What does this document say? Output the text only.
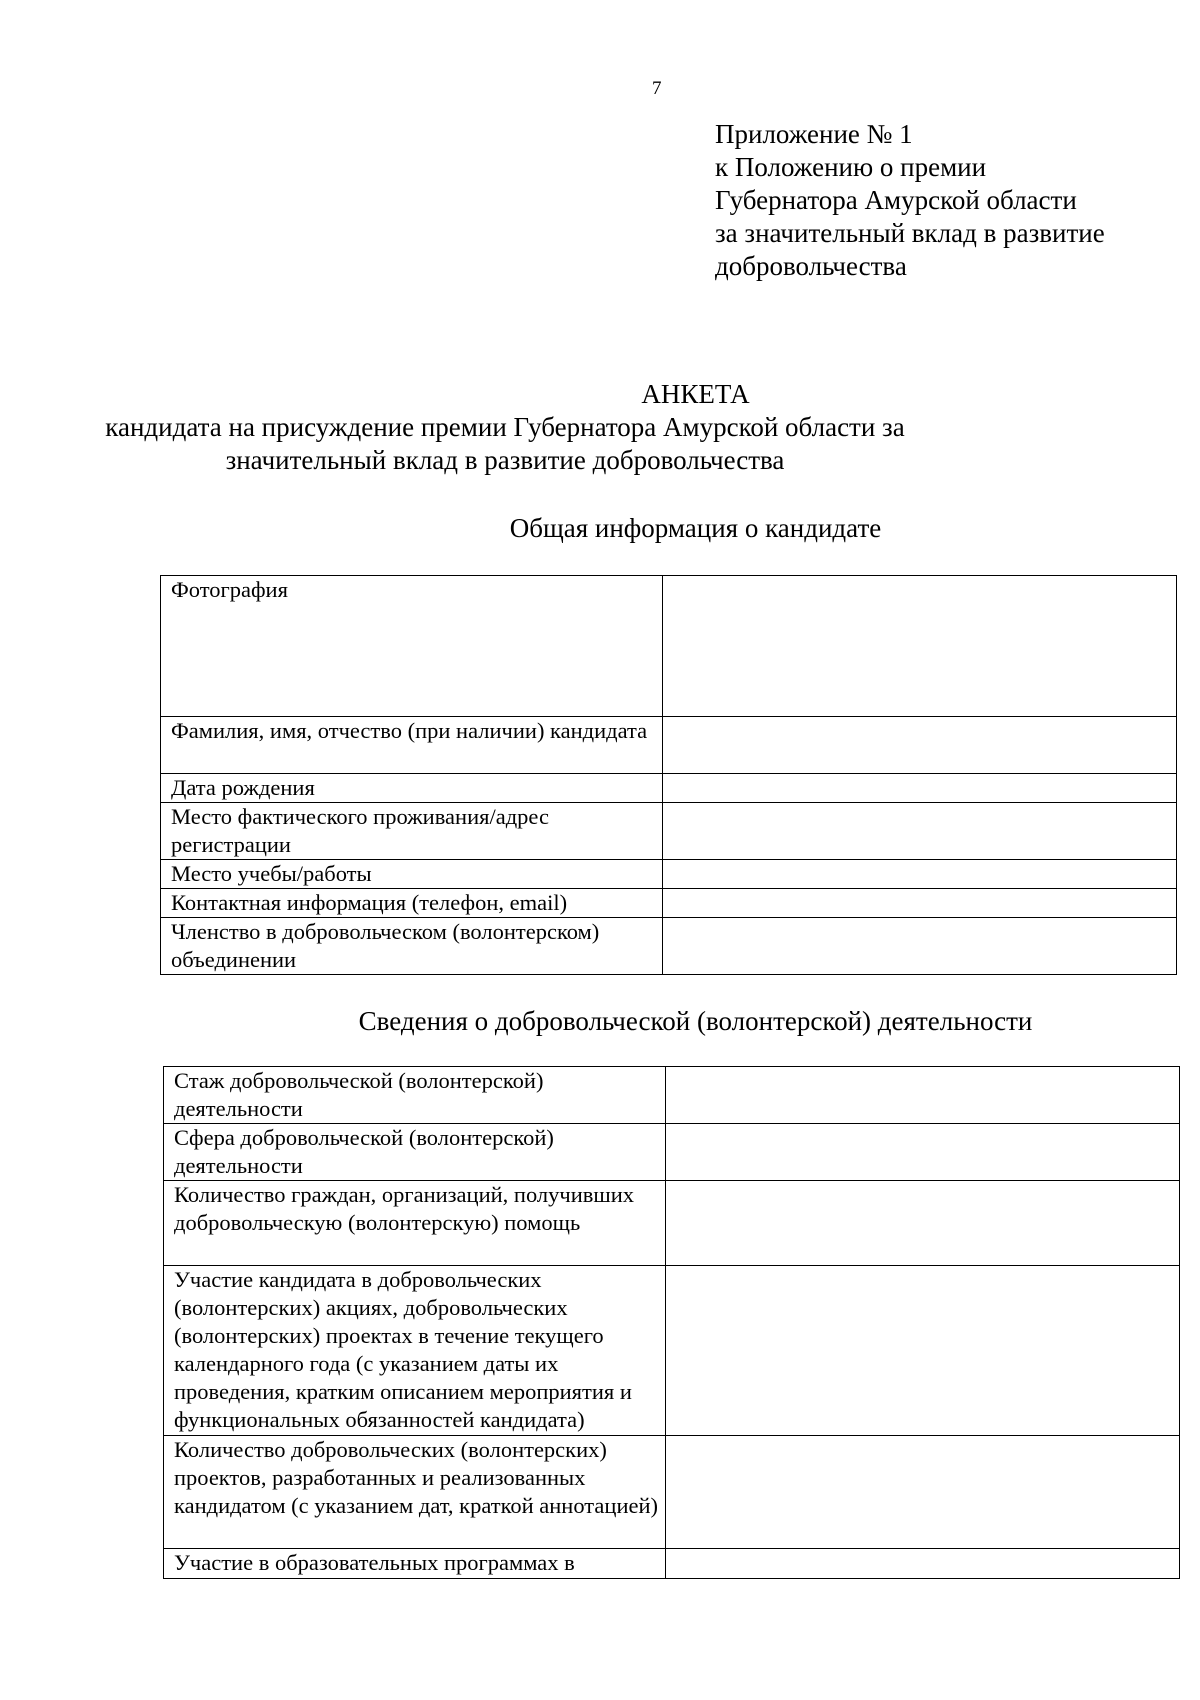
7
Приложение № 1
к Положению о премии
Губернатора Амурской области
за значительный вклад в развитие
добровольчества
АНКЕТА
кандидата на присуждение премии Губернатора Амурской области за
значительный вклад в развитие добровольчества
Общая информация о кандидате
Фотография	
Фамилия, имя, отчество (при наличии) кандидата	
Дата рождения	
Место фактического проживания/адрес регистрации	
Место учебы/работы	
Контактная информация (телефон, email)	
Членство в добровольческом (волонтерском) объединении	
Сведения о добровольческой (волонтерской) деятельности
Стаж добровольческой (волонтерской) деятельности	
Сфера добровольческой (волонтерской) деятельности	
Количество граждан, организаций, получивших добровольческую (волонтерскую) помощь	
Участие кандидата в добровольческих (волонтерских) акциях, добровольческих (волонтерских) проектах в течение текущего календарного года (с указанием даты их проведения, кратким описанием мероприятия и функциональных обязанностей кандидата)	
Количество добровольческих (волонтерских) проектов, разработанных и реализованных кандидатом (с указанием дат, краткой аннотацией)	
Участие в образовательных программах в	
